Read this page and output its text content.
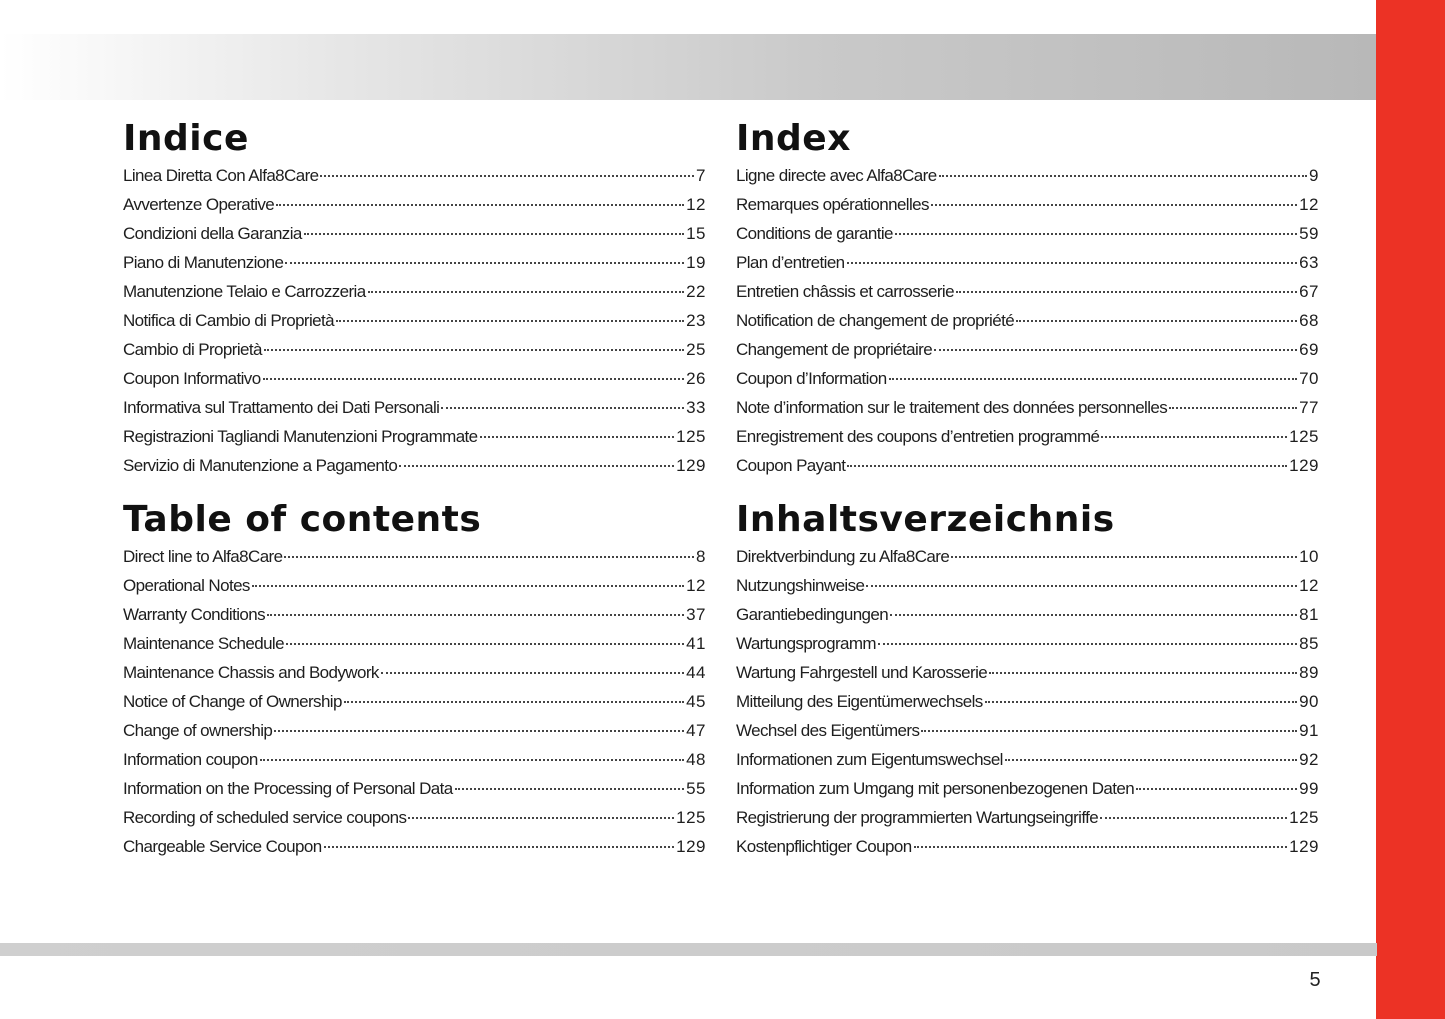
Indice
Linea Diretta Con Alfa8Care	7
Avvertenze Operative	12
Condizioni della Garanzia	15
Piano di Manutenzione	19
Manutenzione Telaio e Carrozzeria	22
Notifica di Cambio di Proprietà	23
Cambio di Proprietà	25
Coupon Informativo	26
Informativa sul Trattamento dei Dati Personali	33
Registrazioni Tagliandi Manutenzioni Programmate	125
Servizio di Manutenzione a Pagamento	129
Index
Ligne directe avec Alfa8Care	9
Remarques opérationnelles	12
Conditions de garantie	59
Plan d’entretien	63
Entretien châssis et carrosserie	67
Notification de changement de propriété	68
Changement de propriétaire	69
Coupon d’Information	70
Note d’information sur le traitement des données personnelles	77
Enregistrement des coupons d’entretien programmé	125
Coupon Payant	129
Table of contents
Direct line to Alfa8Care	8
Operational Notes	12
Warranty Conditions	37
Maintenance Schedule	41
Maintenance Chassis and Bodywork	44
Notice of Change of Ownership	45
Change of ownership	47
Information coupon	48
Information on the Processing of Personal Data	55
Recording of scheduled service coupons	125
Chargeable Service Coupon	129
Inhaltsverzeichnis
Direktverbindung zu Alfa8Care	10
Nutzungshinweise	12
Garantiebedingungen	81
Wartungsprogramm	85
Wartung Fahrgestell und Karosserie	89
Mitteilung des Eigentümerwechsels	90
Wechsel des Eigentümers	91
Informationen zum Eigentumswechsel	92
Information zum Umgang mit personenbezogenen Daten	99
Registrierung der programmierten Wartungseingriffe	125
Kostenpflichtiger Coupon	129
5
